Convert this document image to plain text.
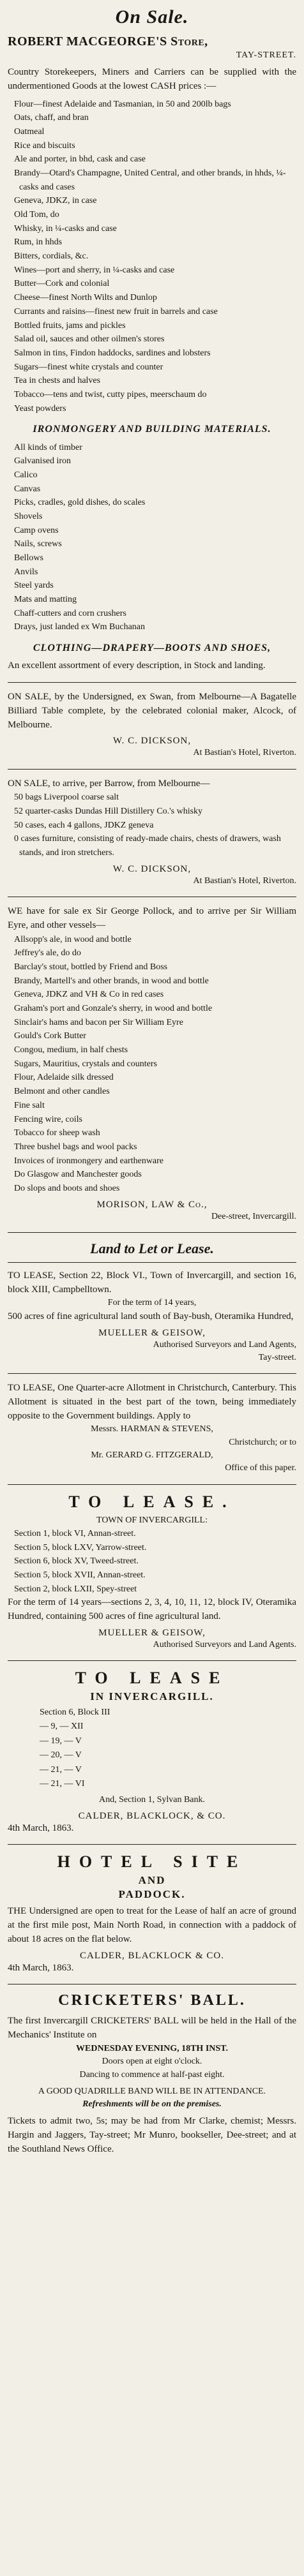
On Sale.

ROBERT MACGEORGE'S Store,

TAY-STREET.

Country Storekeepers, Miners and Carriers can be supplied with the undermentioned Goods at the lowest CASH prices :—

Flour—finest Adelaide and Tasmanian, in 50 and 200lb bags

Oats, chaff, and bran

Oatmeal

Rice and biscuits

Ale and porter, in bhd, cask and case

Brandy—Otard's Champagne, United Central, and other brands, in hhds, ¼-casks and cases

Geneva, JDKZ, in case

Old Tom, do

Whisky, in ¼-casks and case

Rum, in hhds

Bitters, cordials, &c.

Wines—port and sherry, in ¼-casks and case

Butter—Cork and colonial

Cheese—finest North Wilts and Dunlop

Currants and raisins—finest new fruit in barrels and case

Bottled fruits, jams and pickles

Salad oil, sauces and other oilmen's stores

Salmon in tins, Findon haddocks, sardines and lobsters

Sugars—finest white crystals and counter

Tea in chests and halves

Tobacco—tens and twist, cutty pipes, meerschaum do

Yeast powders

IRONMONGERY AND BUILDING MATERIALS.

All kinds of timber

Galvanised iron

Calico

Canvas

Picks, cradles, gold dishes, do scales

Shovels

Camp ovens

Nails, screws

Bellows

Anvils

Steel yards

Mats and matting

Chaff-cutters and corn crushers

Drays, just landed ex Wm Buchanan

CLOTHING—DRAPERY—BOOTS AND SHOES,

An excellent assortment of every description, in Stock and landing.

ON SALE, by the Undersigned, ex Swan, from Melbourne—A Bagatelle Billiard Table complete, by the celebrated colonial maker, Alcock, of Melbourne.

W. C. DICKSON,

At Bastian's Hotel, Riverton.

ON SALE, to arrive, per Barrow, from Melbourne—

50 bags Liverpool coarse salt

52 quarter-casks Dundas Hill Distillery Co.'s whisky

50 cases, each 4 gallons, JDKZ geneva

0 cases furniture, consisting of ready-made chairs, chests of drawers, wash stands, and iron stretchers.

W. C. DICKSON,

At Bastian's Hotel, Riverton.

WE have for sale ex Sir George Pollock, and to arrive per Sir William Eyre, and other vessels—

Allsopp's ale, in wood and bottle

Jeffrey's ale, do do

Barclay's stout, bottled by Friend and Boss

Brandy, Martell's and other brands, in wood and bottle

Geneva, JDKZ and VH & Co in red cases

Graham's port and Gonzale's sherry, in wood and bottle

Sinclair's hams and bacon per Sir William Eyre

Gould's Cork Butter

Congou, medium, in half chests

Sugars, Mauritius, crystals and counters

Flour, Adelaide silk dressed

Belmont and other candles

Fine salt

Fencing wire, coils

Tobacco for sheep wash

Three bushel bags and wool packs

Invoices of ironmongery and earthenware

Do Glasgow and Manchester goods

Do slops and boots and shoes

MORISON, LAW & Co.,

Dee-street, Invercargill.

Land to Let or Lease.

TO LEASE, Section 22, Block VI., Town of Invercargill, and section 16, block XIII, Campbelltown.

For the term of 14 years,

500 acres of fine agricultural land south of Bay-bush, Oteramika Hundred,

MUELLER & GEISOW,

Authorised Surveyors and Land Agents,

Tay-street.

TO LEASE, One Quarter-acre Allotment in Christchurch, Canterbury. This Allotment is situated in the best part of the town, being immediately opposite to the Government buildings. Apply to

Messrs. HARMAN & STEVENS,

Christchurch; or to

Mr. GERARD G. FITZGERALD,

Office of this paper.

TO LEASE.

TOWN OF INVERCARGILL:

Section 1, block VI, Annan-street.

Section 5, block LXV, Yarrow-street.

Section 6, block XV, Tweed-street.

Section 5, block XVII, Annan-street.

Section 2, block LXII, Spey-street

For the term of 14 years—sections 2, 3, 4, 10, 11, 12, block IV, Oteramika Hundred, containing 500 acres of fine agricultural land.

MUELLER & GEISOW,

Authorised Surveyors and Land Agents.

TO LEASE

IN INVERCARGILL.

Section 6, Block III

— 9, — XII

— 19, — V

— 20, — V

— 21, — V

— 21, — VI

And, Section 1, Sylvan Bank.

CALDER, BLACKLOCK, & CO.

4th March, 1863.

HOTEL SITE

AND

PADDOCK.

THE Undersigned are open to treat for the Lease of half an acre of ground at the first mile post, Main North Road, in connection with a paddock of about 18 acres on the flat below.

CALDER, BLACKLOCK & CO.

4th March, 1863.

CRICKETERS' BALL.

The first Invercargill CRICKETERS' BALL will be held in the Hall of the Mechanics' Institute on

WEDNESDAY EVENING, 18TH INST.

Doors open at eight o'clock.

Dancing to commence at half-past eight.

A GOOD QUADRILLE BAND WILL BE IN ATTENDANCE.

Refreshments will be on the premises.

Tickets to admit two, 5s; may be had from Mr Clarke, chemist; Messrs. Hargin and Jaggers, Tay-street; Mr Munro, bookseller, Dee-street; and at the Southland News Office.
